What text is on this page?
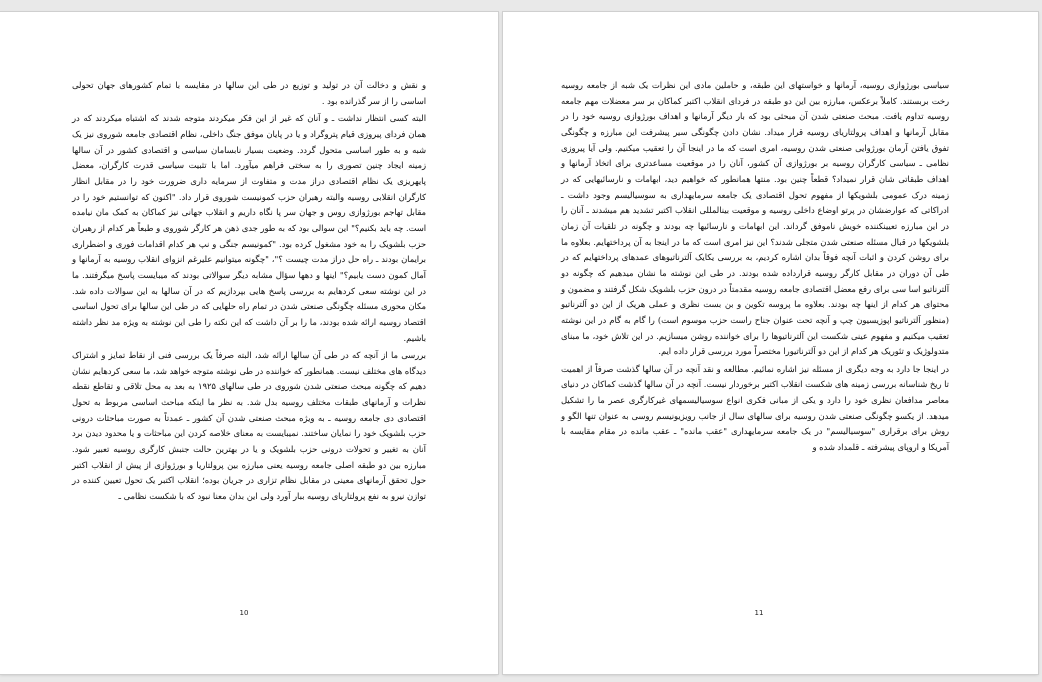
و نقش و دخالت آن در تولید و توزیع در طی این سالها در مقایسه با تمام کشورهای جهان تحولی اساسی را از سر گذرانده بود .

البته کسی انتظار نداشت ـ و آنان که غیر از این فکر میکردند متوجه شدند که اشتباه میکردند که در همان فردای پیروزی قیام پتروگراد و یا در پایان موفق جنگ داخلی، نظام اقتصادی جامعه شوروی نیز یک شبه و به طور اساسی متحول گردد. وضعیت بسیار نابسامان سیاسی و اقتصادی کشور در آن سالها زمینه ایجاد چنین تصوری را به سختی فراهم میآورد. اما با تثبیت سیاسی قدرت کارگران، معضل پایهریزی یک نظام اقتصادی دراز مدت و متفاوت از سرمایه داری ضرورت خود را در مقابل انظار کارگران انقلابی روسیه والبته رهبران حزب کمونیست شوروی قرار داد. "اکنون که توانستیم خود را در مقابل تهاجم بورژوازی روس و جهان سر پا نگاه داریم و انقلاب جهانی نیز کماکان به کمک مان نیامده است. چه باید بکنیم؟" این سوالی بود که به طور جدی ذهن هر کارگر شوروی و طبعاً هر کدام از رهبران حزب بلشویک را به خود مشغول کرده بود. "کمونیسم جنگی و نپ هر کدام اقدامات فوری و اضطراری برایمان بودند ـ راه حل دراز مدت چیست ؟"، "چگونه میتوانیم علیرغم انزوای انقلاب روسیه به آرمانها و آمال کمون دست یابیم؟" اینها و دهها سؤال مشابه دیگر سوالاتی بودند که میبایست پاسخ میگرفتند. ما در این نوشته سعی کردهایم به بررسی پاسخ هایی بپردازیم که در آن سالها به این سوالات داده شد. مکان محوری مسئله چگونگی صنعتی شدن در تمام راه حلهایی که در طی این سالها برای تحول اساسی اقتصاد روسیه ارائه شده بودند، ما را بر آن داشت که این نکته را طی این نوشته به ویژه مد نظر داشته باشیم.

بررسی ما از آنچه که در طی آن سالها ارائه شد، البته صرفاً یک بررسی فنی از نقاط تمایز و اشتراک دیدگاه های مختلف نیست. همانطور که خواننده در طی نوشته متوجه خواهد شد، ما سعی کردهایم نشان دهیم که چگونه مبحث صنعتی شدن شوروی در طی سالهای ۱۹۲۵ به بعد به محل تلاقی و تقاطع نقطه نظرات و آرمانهای طبقات مختلف روسیه بدل شد. به نظر ما اینکه مباحث اساسی مربوط به تحول اقتصادی دی جامعه روسیه ـ به ویژه مبحث صنعتی شدن آن کشور ـ عمدتاً به صورت مباحثات درونی حزب بلشویک خود را نمایان ساختند. نمیبایست به معنای خلاصه کردن این مباحثات و یا محدود دیدن برد آنان به تغییر و تحولات درونی حزب بلشویک و یا در بهترین حالت جنبش کارگری روسیه تعبیر شود. مبارزه بین دو طبقه اصلی جامعه روسیه یعنی مبارزه بین پرولتاریا و بورژوازی از پیش از انقلاب اکتبر حول تحقق آرمانهای معینی در مقابل نظام تزاری در جریان بوده؛ انقلاب اکتبر یک تحول تعیین کننده در توازن نیرو به نفع پرولتاریای روسیه ببار آورد ولی این بدان معنا نبود که با شکست نظامی ـ

10

سیاسی بورژوازی روسیه، آرمانها و خواستهای این طبقه، و حاملین مادی این نظرات یک شبه از جامعه روسیه رخت بربستند. کاملاً برعکس، مبارزه بین این دو طبقه در فردای انقلاب اکتبر کماکان بر سر معضلات مهم جامعه روسیه تداوم یافت. مبحث صنعتی شدن آن مبحثی بود که بار دیگر آرمانها و اهداف بورژوازی روسیه خود را در مقابل آرمانها و اهداف پرولتاریای روسیه قرار میداد. نشان دادن چگونگی سیر پیشرفت این مبارزه و چگونگی تفوق یافتن آرمان بورژوایی صنعتی شدن روسیه، امری است که ما در اینجا آن را تعقیب میکنیم. ولی آیا پیروزی نظامی ـ سیاسی کارگران روسیه بر بورژوازی آن کشور، آنان را در موقعیت مساعدتری برای اتخاذ آرمانها و اهداف طبقاتی شان قرار نمیداد؟ قطعاً چنین بود. منتها همانطور که خواهیم دید، ابهامات و نارسائیهایی که در زمینه درک عمومی بلشویکها از مفهوم تحول اقتصادی یک جامعه سرمایهداری به سوسیالیسم وجود داشت ـ ادراکاتی که عوارضشان در پرتو اوضاع داخلی روسیه و موقعیت بینالمللی انقلاب اکتبر تشدید هم میشدند ـ آنان را در این مبارزه تعیینکننده خویش ناموفق گرداند. این ابهامات و نارسائیها چه بودند و چگونه در تلقیات آن زمان بلشویکها در قبال مسئله صنعتی شدن متجلی شدند؟ این نیز امری است که ما در اینجا به آن پرداختهایم. بعلاوه ما برای روشن کردن و اثبات آنچه فوقاً بدان اشاره کردیم، به بررسی یکایک آلترناتیوهای عمدهای پرداختهایم که در طی آن دوران در مقابل کارگر روسیه قرارداده شده بودند. در طی این نوشته ما نشان میدهیم که چگونه دو آلترناتیو اسا سی برای رفع معضل اقتصادی جامعه روسیه مقدمتاً در درون حزب بلشویک شکل گرفتند و مضمون و محتوای هر کدام از اینها چه بودند. بعلاوه ما پروسه تکوین و بن بست نظری و عملی هریک از این دو آلترناتیو (منظور آلترناتیو اپوزیسیون چپ و آنچه تحت عنوان جناح راست حزب موسوم است) را گام به گام در این نوشته تعقیب میکنیم و مفهوم عینی شکست این آلترناتیوها را برای خواننده روشن میسازیم. در این تلاش خود، ما مبنای متدولوژیک و تئوریک هر کدام از این دو آلترناتیورا مختصراً مورد بررسی قرار داده ایم.

در اینجا جا دارد به وجه دیگری از مسئله نیز اشاره نمائیم. مطالعه و نقد آنچه در آن سالها گذشت صرفاً از اهمیت تا ریخ شناسانه بررسی زمینه های شکست انقلاب اکتبر برخوردار نیست. آنچه در آن سالها گذشت کماکان در دنیای معاصر مدافعان نظری خود را دارد و یکی از مبانی فکری انواع سوسیالیسمهای غیرکارگری عصر ما را تشکیل میدهد. از یکسو چگونگی صنعتی شدن روسیه برای سالهای سال از جانب رویزیونیسم روسی به عنوان تنها الگو و روش برای برقراری "سوسیالیسم" در یک جامعه سرمایهداری "عقب مانده" ـ عقب مانده در مقام مقایسه با آمریکا و اروپای پیشرفته ـ قلمداد شده و

11
